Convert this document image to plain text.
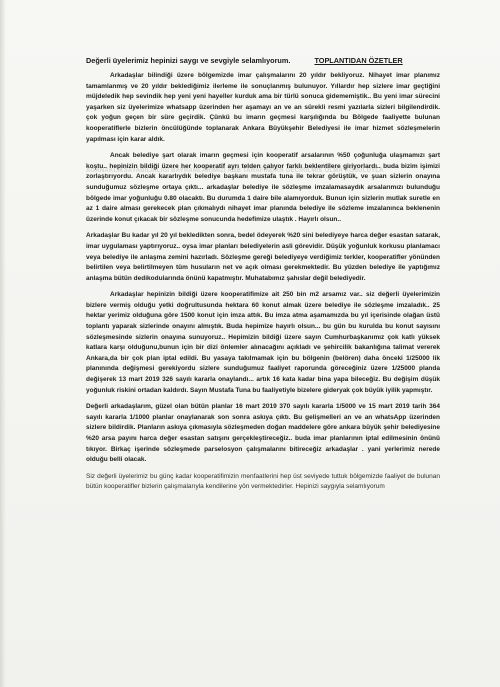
AGANAKLIKSAYABILIRLIGI BAYRAMLARIMIZI ABB TARAFINDAN GECIRILMIS OLMA KOSULUYLA
Değerli üyelerimiz hepinizi saygı ve sevgiyle selamlıyorum.	TOPLANTIDAN ÖZETLER

Arkadaşlar bilindiği üzere bölgemizde imar çalışmalarını 20 yıldır bekliyoruz. Nihayet imar planımız tamamlanmış ve 20 yıldır beklediğimiz ilerleme ile sonuçlanmış bulunuyor. Yıllardır hep sizlere imar geçtiğini müjdeledik hep sevindik hep yeni yeni hayeller kurduk ama bir türlü sonuca gidememiştik.. Bu yeni imar sürecini yaşarken siz üyelerimize whatsapp üzerinden her aşamayı an ve an sürekli resmi yazılarla sizleri bilgilendirdik. çok yoğun geçen bir süre geçirdik. Çünkü bu imarın geçmesi karşılığında bu Bölgede faaliyette bulunan kooperatiflerle bizlerin öncülüğünde toplanarak Ankara Büyükşehir Belediyesi ile imar hizmet sözleşmelerin yapılması için karar aldık.

Ancak belediye şart olarak imarın geçmesi için kooperatif arsalarının %50 çoğunluğa ulaşmamızı şart koştu.. hepinizin bildiği üzere her kooperatif ayrı telden çalıyor farklı beklentilere giriyorlardı.. buda bizim işimizi zorlaştırıyordu. Ancak kararlıydık belediye başkanı mustafa tuna ile tekrar görüştük, ve şuan sizlerin onayına sunduğumuz sözleşme ortaya çıktı... arkadaşlar belediye ile sözleşme imzalamasaydık arsalarımızı bulunduğu bölgede imar yoğunluğu 0.80 olacaktı. Bu durumda 1 daire bile alamıyorduk. Bunun için sizlerin mutlak suretle en az 1 daire alması gerekecek plan çıkmalıydı nihayet imar planında belediye ile sözleme imzalanınca beklenenin üzerinde konut çıkacak bir sözleşme sonucunda hedefimize ulaştık . Hayırlı olsun..

Arkadaşlar Bu kadar yıl 20 yıl bekledikten sonra, bedel ödeyerek %20 sini belediyeye harca değer esastan satarak, imar uygulaması yaptırıyoruz.. oysa imar planları belediyelerin asli görevidir. Düşük yoğunluk korkusu planlamacı veya belediye ile anlaşma zemini hazırladı. Sözleşme gereği belediyeye verdiğimiz terkler, kooperatifler yönünden belirtilen veya belirtilmeyen tüm husuların net ve açık olması gerekmektedir. Bu yüzden belediye ile yaptığımız anlaşma bütün dedikodularında önünü kapatmıştır. Muhatabımız şahıslar değil belediyedir.

Arkadaşlar hepinizin bildiği üzere kooperatifimize ait 250 bin m2 arsamız var.. siz değerli üyelerimizin bizlere vermiş olduğu yetki doğrultusunda hektara 60 konut almak üzere belediye ile sözleşme imzaladık.. 25 hektar yerimiz olduğuna göre 1500 konut için imza attık. Bu imza atma aşamamızda bu yıl içerisinde olağan üstü toplantı yaparak sizlerinde onayını almıştık. Buda hepimize hayırlı olsun... bu gün bu kurulda bu konut sayısını sözleşmesinde sizlerin onayına sunuyoruz.. Hepimizin bildiği üzere sayın Cumhurbaşkanımız çok katlı yüksek katlara karşı olduğunu,bunun için bir dizi önlemler alınacağını açıkladı ve şehircilik bakanlığına talimat vererek Ankara,da bir çok plan iptal edildi. Bu yasaya takılmamak için bu bölgenin (belören) daha önceki 1/25000 lik planınında değişmesi gerekiyordu sizlere sunduğumuz faaliyet raporunda göreceğiniz üzere 1/25000 planda değişerek 13 mart 2019 326 sayılı kararla onaylandı... artık 16 kata kadar bina yapa bileceğiz. Bu değişim düşük yoğunluk riskini ortadan kaldırdı. Sayın Mustafa Tuna bu faaliyetiyle bizelere gideryak çok büyük iyilik yapmıştır.

Değerli arkadaşlarım, güzel olan bütün planlar 16 mart 2019 370 sayılı kararla 1/5000 ve 15 mart 2019 tarih 364 sayılı kararla 1/1000 planlar onaylanarak son sonra askıya çıktı. Bu gelişmelleri an ve an whatsApp üzerinden sizlere bildirdik. Planların askıya çıkmasıyla sözleşmeden doğan maddelere göre ankara büyük şehir belediyesine %20 arsa payını harca değer esastan satışını gerçekleştireceğiz.. buda imar planlarının iptal edilmesinin önünü tıkıyor. Birkaç işerinde sözleşmede parselosyon çalışmalarını bitireceğiz arkadaşlar . yani yerlerimiz nerede olduğu belli olacak.

Siz değerli üyelerimiz bu günç kadar kooperatifimizin menfaatlerini hep üst seviyede tuttuk bölgemizde faaliyet de bulunan bütün kooperatifler bizlerin çalışmalarıyla kendilerine yön vermektedirler. Hepinizi saygıyla selamlıyorum
